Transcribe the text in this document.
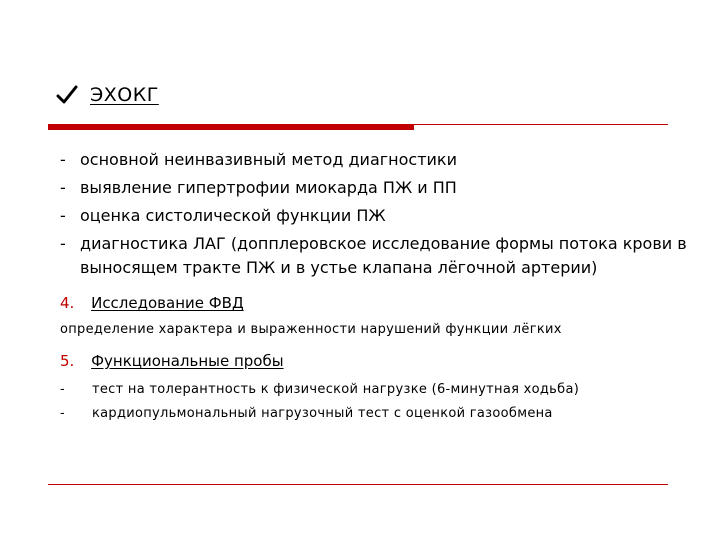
ЭХОКГ
- основной неинвазивный метод диагностики
- выявление гипертрофии миокарда ПЖ и ПП
- оценка систолической функции ПЖ
- диагностика ЛАГ (допплеровское исследование формы потока крови в выносящем тракте ПЖ и в устье клапана лёгочной артерии)
4. Исследование ФВД
определение характера и выраженности нарушений функции лёгких
5. Функциональные пробы
-	тест на толерантность к физической нагрузке (6-минутная ходьба)
-	кардиопульмональный нагрузочный тест с оценкой газообмена
